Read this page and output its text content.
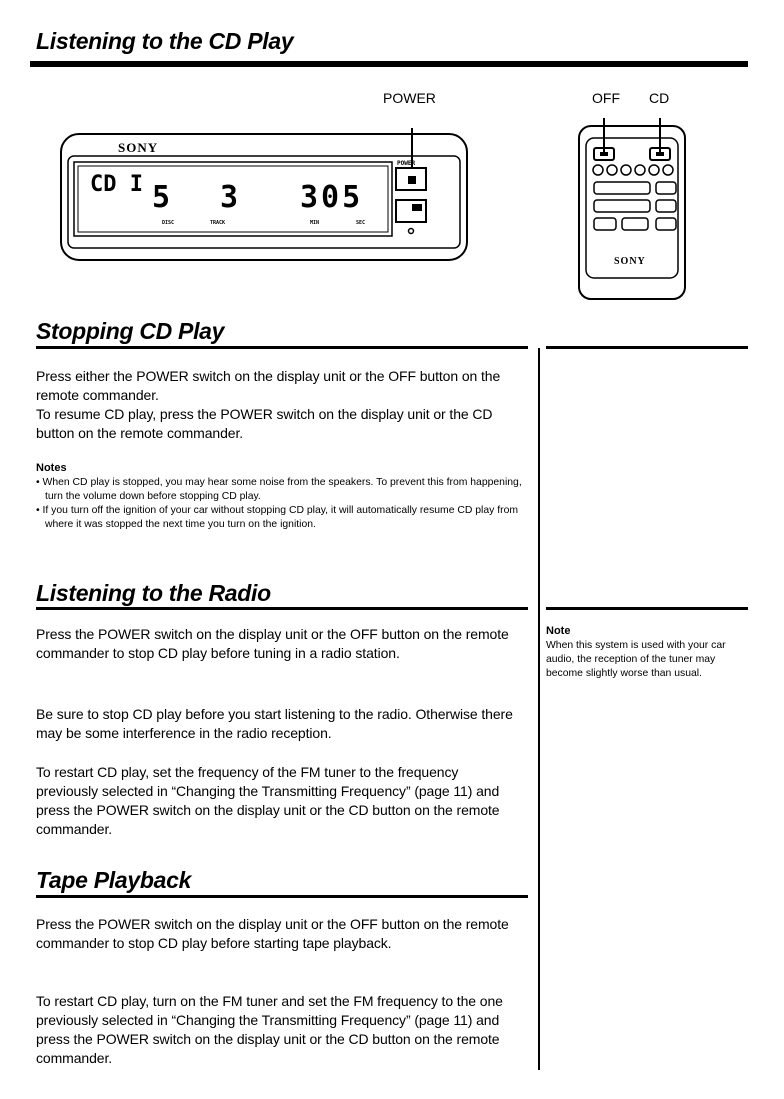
Listening to the CD Play
POWER	OFF CD
SONY
CD I 5 3 305
DISC	TRACK	MIN	SEC
POWER
SONY
Stopping CD Play

Press either the POWER switch on the display unit or the OFF button on the remote commander.
To resume CD play, press the POWER switch on the display unit or the CD button on the remote commander.

Notes

• When CD play is stopped, you may hear some noise from the speakers. To prevent this from happening, turn the volume down before stopping CD play.

• If you turn off the ignition of your car without stopping CD play, it will automatically resume CD play from where it was stopped the next time you turn on the ignition.

Listening to the Radio

Press the POWER switch on the display unit or the OFF button on the remote commander to stop CD play before tuning in a radio station.

Be sure to stop CD play before you start listening to the radio. Otherwise there may be some interference in the radio reception.

To restart CD play, set the frequency of the FM tuner to the frequency previously selected in “Changing the Transmitting Frequency” (page 11) and press the POWER switch on the display unit or the CD button on the remote commander.

Note

When this system is used with your car audio, the reception of the tuner may become slightly worse than usual.

Tape Playback

Press the POWER switch on the display unit or the OFF button on the remote commander to stop CD play before starting tape playback.

To restart CD play, turn on the FM tuner and set the FM frequency to the one previously selected in “Changing the Transmitting Frequency” (page 11) and press the POWER switch on the display unit or the CD button on the remote commander.
